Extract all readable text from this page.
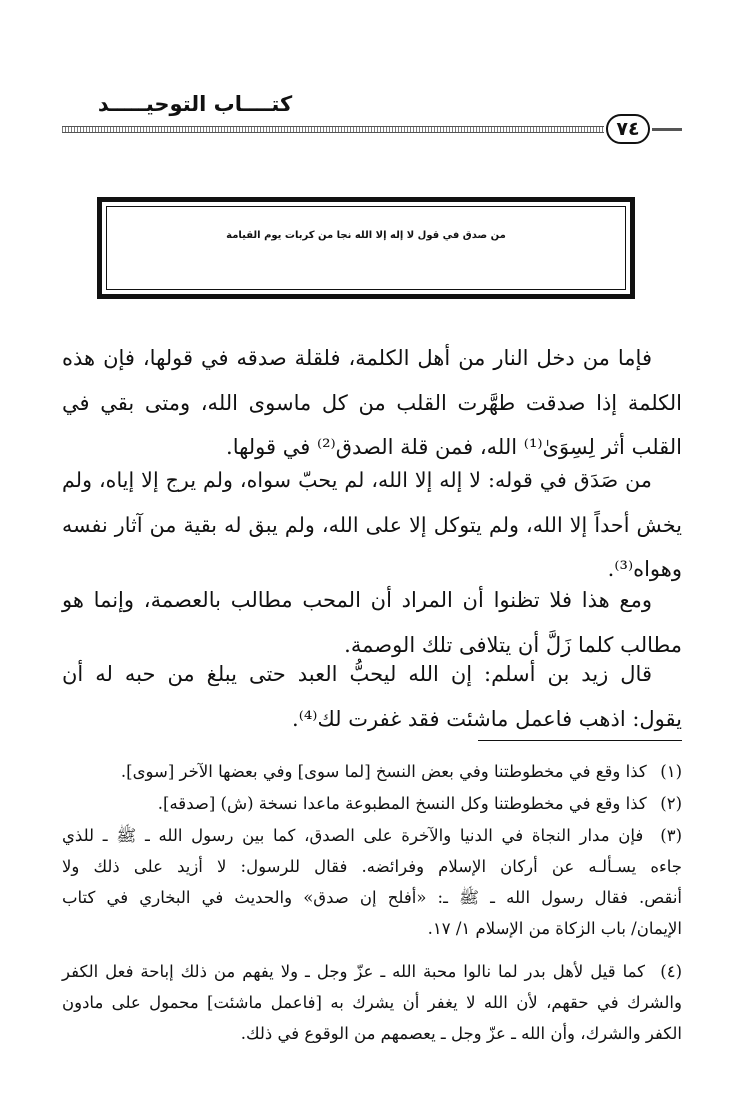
كتــــاب التوحيـــــد
٧٤
من صدق في قول لا إله إلا الله نجا من كربات يوم القيامة
فإما من دخل النار من أهل الكلمة، فلقلة صدقه في قولها، فإن هذه
الكلمة إذا صدقت طهَّرت القلب من كل ماسوى الله، ومتى بقي في
القلب أثر لِسِوَىٰ⁽¹⁾ الله، فمن قلة الصدق⁽²⁾ في قولها.
من صَدَق في قوله: لا إله إلا الله، لم يحبّ سواه، ولم يرج إلا إياه، ولم
يخش أحداً إلا الله، ولم يتوكل إلا على الله، ولم يبق له بقية من آثار نفسه
وهواه⁽³⁾.
ومع هذا فلا تظنوا أن المراد أن المحب مطالب بالعصمة، وإنما هو
مطالب كلما زَلَّ أن يتلافى تلك الوصمة.
قال زيد بن أسلم: إن الله ليحبُّ العبد حتى يبلغ من حبه له أن
يقول: اذهب فاعمل ماشئت فقد غفرت لك⁽⁴⁾.
(١) كذا وقع في مخطوطتنا وفي بعض النسخ [لما سوى] وفي بعضها الآخر [سوى].
(٢) كذا وقع في مخطوطتنا وكل النسخ المطبوعة ماعدا نسخة (ش) [صدقه].
(٣) فإن مدار النجاة في الدنيا والآخرة على الصدق، كما بين رسول الله ـ ﷺ ـ للذي
جاءه يسـألـه عن أركان الإسلام وفرائضه. فقال للرسول: لا أزيد على ذلك ولا
أنقص. فقال رسول الله ـ ﷺ ـ: «أفلح إن صدق» والحديث في البخاري في كتاب
الإيمان/ باب الزكاة من الإسلام ١/ ١٧.
(٤) كما قيل لأهل بدر لما نالوا محبة الله ـ عزّ وجل ـ ولا يفهم من ذلك إباحة فعل الكفر
والشرك في حقهم، لأن الله لا يغفر أن يشرك به [فاعمل ماشئت] محمول على مادون
الكفر والشرك، وأن الله ـ عزّ وجل ـ يعصمهم من الوقوع في ذلك.
